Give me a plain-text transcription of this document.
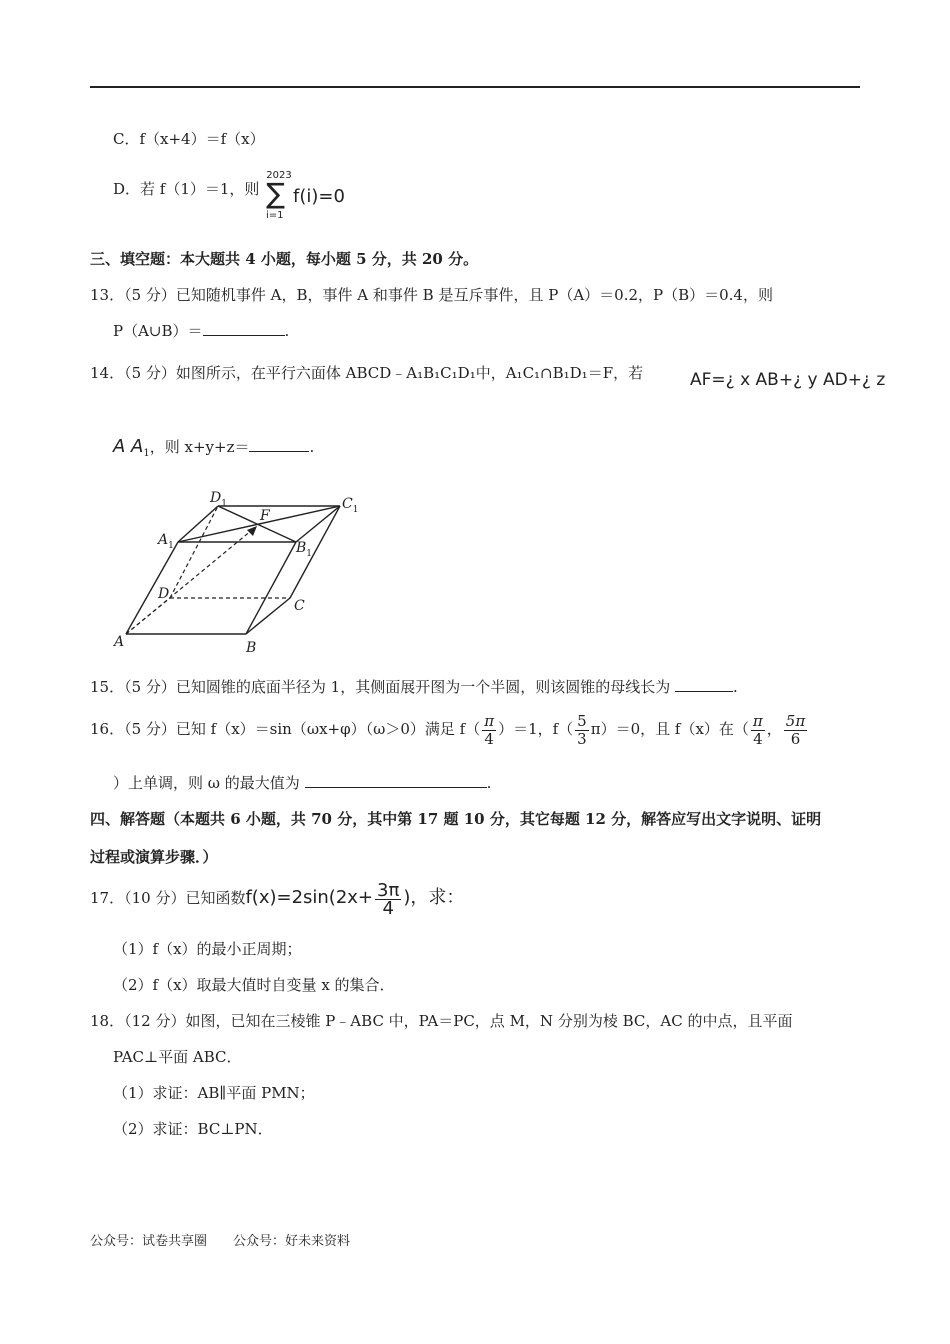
C．f（x+4）＝f（x）
D．若 f（1）＝1，则
2023
∑
i=1
f(i)=0
三、填空题：本大题共 4 小题，每小题 5 分，共 20 分。
13．（5 分）已知随机事件 A，B，事件 A 和事件 B 是互斥事件，且 P（A）＝0.2，P（B）＝0.4，则
P（A∪B）＝	.
14．（5 分）如图所示，在平行六面体 ABCD﹣A₁B₁C₁D₁中，A₁C₁∩B₁D₁＝F，若	AF=¿ x AB+¿ y AD+¿ z
A $A_1$，则 x+y+z＝	.
A	B
C
D
$A_1$	$B_1$
$C_1$
$D_1$
F
15．（5 分）已知圆锥的底面半径为 1，其侧面展开图为一个半圆，则该圆锥的母线长为	.
16．（5 分）已知 f（x）＝sin（ωx+φ）（ω＞0）满足 $f( \frac{\pi}{4} )=1$，$f( \frac{5}{3} \pi)=0$，且 f（x）在（ $\frac{\pi}{4}$ ， $\frac{5\pi}{6}$
）上单调，则 ω 的最大值为	.
四、解答题（本题共 6 小题，共 70 分，其中第 17 题 10 分，其它每题 12 分，解答应写出文字说明、证明
过程或演算步骤．）
17．（10 分）已知函数$f(x)=2\sin(2x+ \frac{3\pi}{4}$ )，求：
（1）f（x）的最小正周期；
（2）f（x）取最大值时自变量 x 的集合．
18．（12 分）如图，已知在三棱锥 P﹣ABC 中，PA＝PC，点 M，N 分别为棱 BC，AC 的中点，且平面
PAC⊥平面 ABC．
（1）求证：AB∥平面 PMN；
（2）求证：BC⊥PN．
公众号：试卷共享圈　　公众号：好未来资料
